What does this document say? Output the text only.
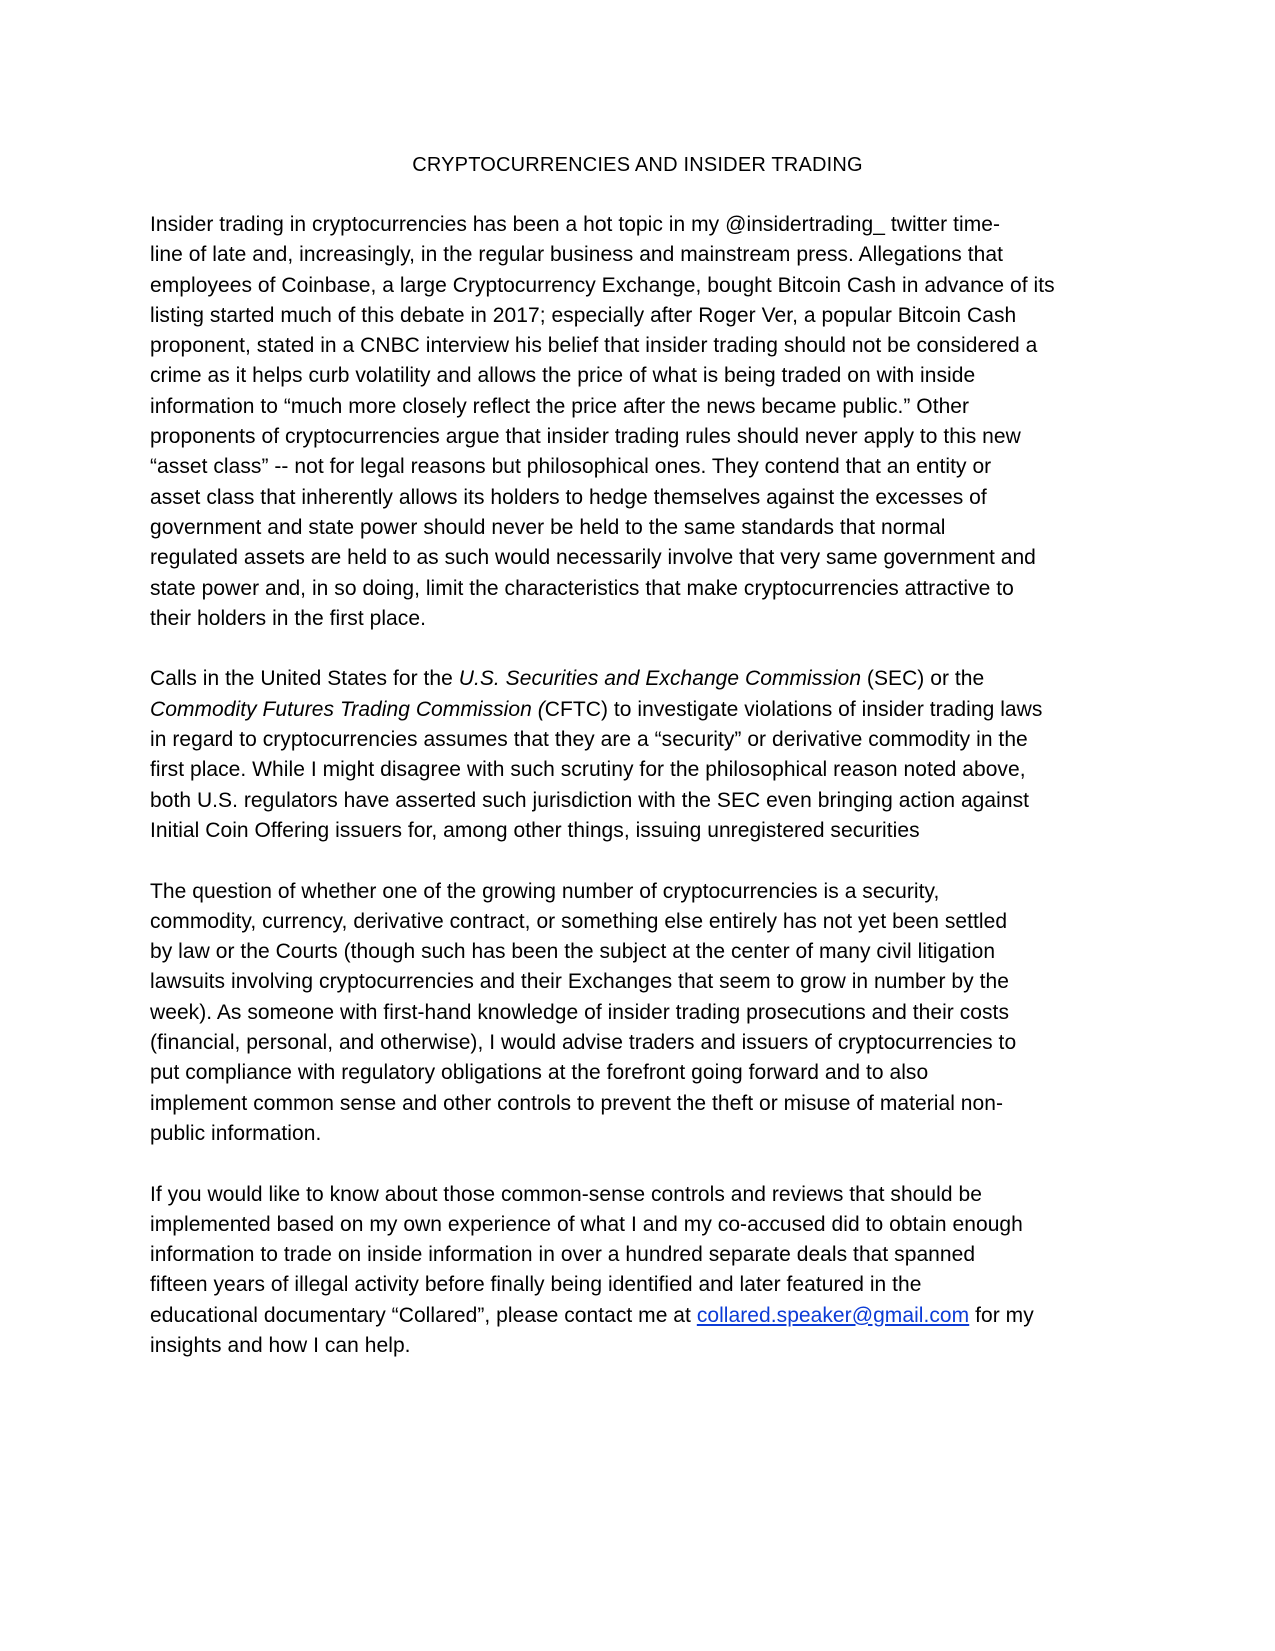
CRYPTOCURRENCIES AND INSIDER TRADING

Insider trading in cryptocurrencies has been a hot topic in my @insidertrading_ twitter time-
line of late and, increasingly, in the regular business and mainstream press. Allegations that
employees of Coinbase, a large Cryptocurrency Exchange, bought Bitcoin Cash in advance of its
listing started much of this debate in 2017; especially after Roger Ver, a popular Bitcoin Cash
proponent, stated in a CNBC interview his belief that insider trading should not be considered a
crime as it helps curb volatility and allows the price of what is being traded on with inside
information to “much more closely reflect the price after the news became public.” Other
proponents of cryptocurrencies argue that insider trading rules should never apply to this new
“asset class” -- not for legal reasons but philosophical ones. They contend that an entity or
asset class that inherently allows its holders to hedge themselves against the excesses of
government and state power should never be held to the same standards that normal
regulated assets are held to as such would necessarily involve that very same government and
state power and, in so doing, limit the characteristics that make cryptocurrencies attractive to
their holders in the first place.

Calls in the United States for the U.S. Securities and Exchange Commission (SEC) or the
Commodity Futures Trading Commission (CFTC) to investigate violations of insider trading laws
in regard to cryptocurrencies assumes that they are a “security” or derivative commodity in the
first place. While I might disagree with such scrutiny for the philosophical reason noted above,
both U.S. regulators have asserted such jurisdiction with the SEC even bringing action against
Initial Coin Offering issuers for, among other things, issuing unregistered securities

The question of whether one of the growing number of cryptocurrencies is a security,
commodity, currency, derivative contract, or something else entirely has not yet been settled
by law or the Courts (though such has been the subject at the center of many civil litigation
lawsuits involving cryptocurrencies and their Exchanges that seem to grow in number by the
week). As someone with first-hand knowledge of insider trading prosecutions and their costs
(financial, personal, and otherwise), I would advise traders and issuers of cryptocurrencies to
put compliance with regulatory obligations at the forefront going forward and to also
implement common sense and other controls to prevent the theft or misuse of material non-
public information.

If you would like to know about those common-sense controls and reviews that should be
implemented based on my own experience of what I and my co-accused did to obtain enough
information to trade on inside information in over a hundred separate deals that spanned
fifteen years of illegal activity before finally being identified and later featured in the
educational documentary “Collared”, please contact me at collared.speaker@gmail.com for my
insights and how I can help.
